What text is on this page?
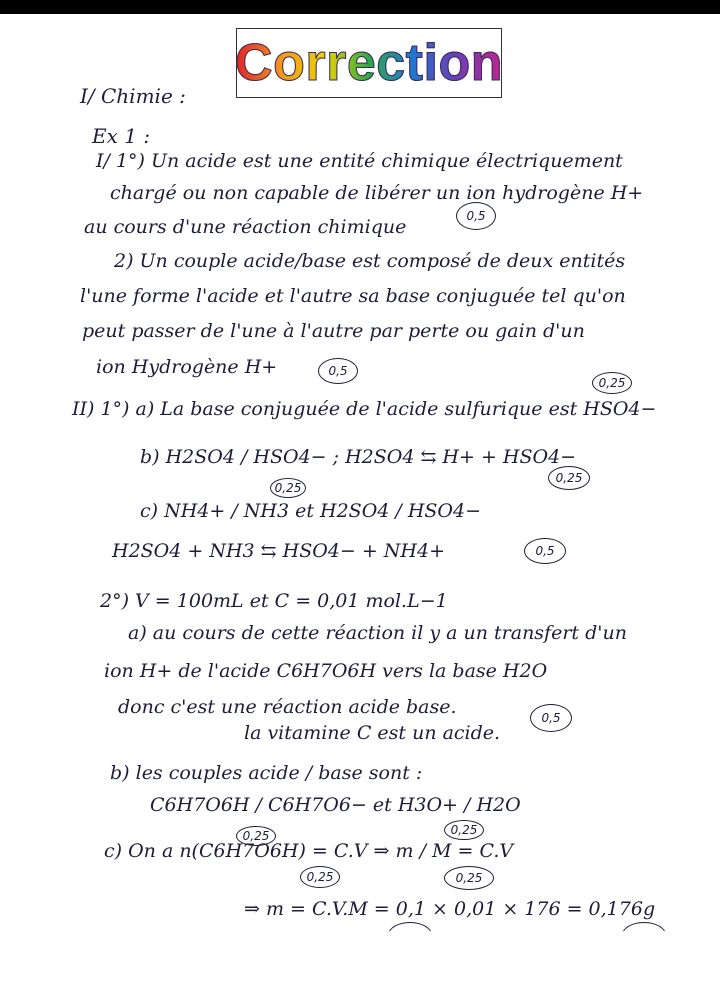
Correction
I/ Chimie :
Ex 1 :
I/ 1°) Un acide est une entité chimique électriquement
chargé ou non capable de libérer un ion hydrogène H+
au cours d'une réaction chimique	0,5
2) Un couple acide/base est composé de deux entités
l'une forme l'acide et l'autre sa base conjuguée tel qu'on
peut passer de l'une à l'autre par perte ou gain d'un
ion Hydrogène H+	0,5
0,25
II) 1°) a) La base conjuguée de l'acide sulfurique est HSO4−
b) H2SO4 / HSO4− ; H2SO4 ⇆ H+ + HSO4−
0,25
0,25
c) NH4+ / NH3 et H2SO4 / HSO4−
H2SO4 + NH3 ⇆ HSO4− + NH4+	0,5
2°) V = 100mL et C = 0,01 mol.L−1
a) au cours de cette réaction il y a un transfert d'un
ion H+ de l'acide C6H7O6H vers la base H2O
donc c'est une réaction acide base.
la vitamine C est un acide.
0,5
b) les couples acide / base sont :
C6H7O6H / C6H7O6− et H3O+ / H2O
0,25	0,25
c) On a n(C6H7O6H) = C.V ⇒ m / M = C.V
0,25	0,25
⇒ m = C.V.M = 0,1 × 0,01 × 176 = 0,176g
